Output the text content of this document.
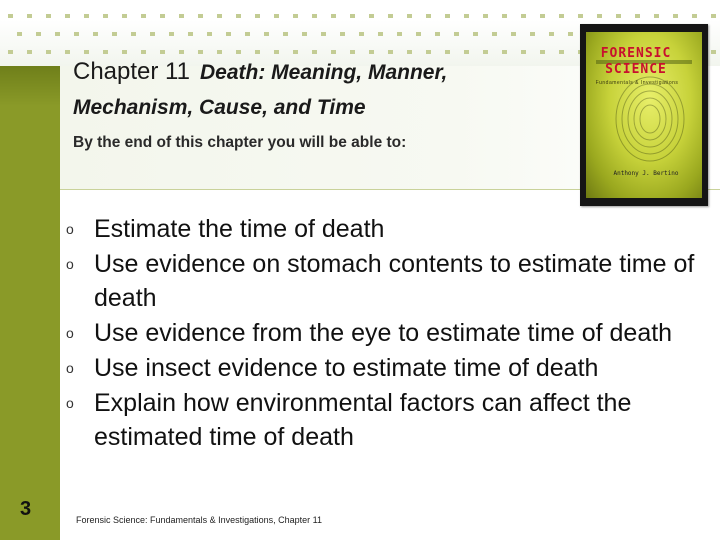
Chapter 11 Death: Meaning, Manner,
Mechanism, Cause, and Time
By the end of this chapter you will be able to:
FORENSIC
SCIENCE
Fundamentals & Investigations
Anthony J. Bertino
o Estimate the time of death
o Use evidence on stomach contents to estimate time of death
o Use evidence from the eye to estimate time of death
o Use insect evidence to estimate time of death
o Explain how environmental factors can affect the estimated time of death
3	Forensic Science: Fundamentals & Investigations, Chapter 11
